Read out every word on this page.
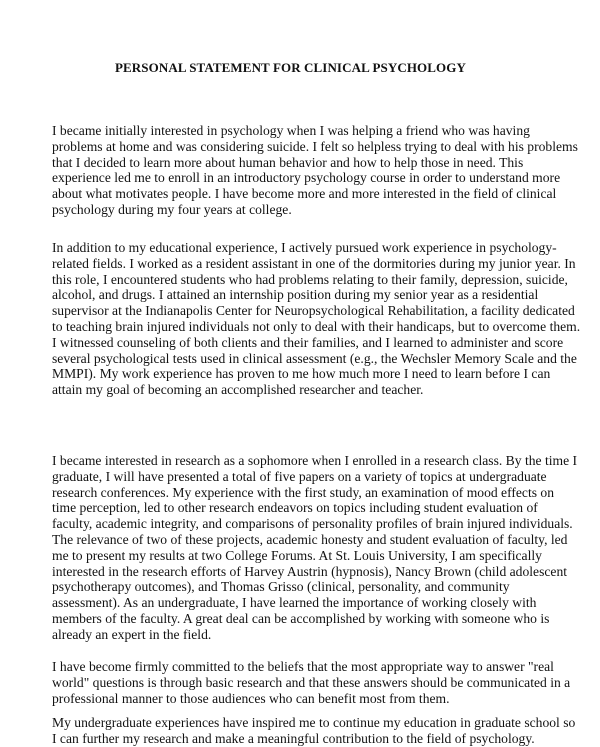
PERSONAL STATEMENT FOR CLINICAL PSYCHOLOGY

I became initially interested in psychology when I was helping a friend who was having
problems at home and was considering suicide. I felt so helpless trying to deal with his problems
that I decided to learn more about human behavior and how to help those in need. This
experience led me to enroll in an introductory psychology course in order to understand more
about what motivates people. I have become more and more interested in the field of clinical
psychology during my four years at college.

In addition to my educational experience, I actively pursued work experience in psychology-
related fields. I worked as a resident assistant in one of the dormitories during my junior year. In
this role, I encountered students who had problems relating to their family, depression, suicide,
alcohol, and drugs. I attained an internship position during my senior year as a residential
supervisor at the Indianapolis Center for Neuropsychological Rehabilitation, a facility dedicated
to teaching brain injured individuals not only to deal with their handicaps, but to overcome them.
I witnessed counseling of both clients and their families, and I learned to administer and score
several psychological tests used in clinical assessment (e.g., the Wechsler Memory Scale and the
MMPI). My work experience has proven to me how much more I need to learn before I can
attain my goal of becoming an accomplished researcher and teacher.

I became interested in research as a sophomore when I enrolled in a research class. By the time I
graduate, I will have presented a total of five papers on a variety of topics at undergraduate
research conferences. My experience with the first study, an examination of mood effects on
time perception, led to other research endeavors on topics including student evaluation of
faculty, academic integrity, and comparisons of personality profiles of brain injured individuals.
The relevance of two of these projects, academic honesty and student evaluation of faculty, led
me to present my results at two College Forums. At St. Louis University, I am specifically
interested in the research efforts of Harvey Austrin (hypnosis), Nancy Brown (child adolescent
psychotherapy outcomes), and Thomas Grisso (clinical, personality, and community
assessment). As an undergraduate, I have learned the importance of working closely with
members of the faculty. A great deal can be accomplished by working with someone who is
already an expert in the field.

I have become firmly committed to the beliefs that the most appropriate way to answer "real
world" questions is through basic research and that these answers should be communicated in a
professional manner to those audiences who can benefit most from them.

My undergraduate experiences have inspired me to continue my education in graduate school so
I can further my research and make a meaningful contribution to the field of psychology.
